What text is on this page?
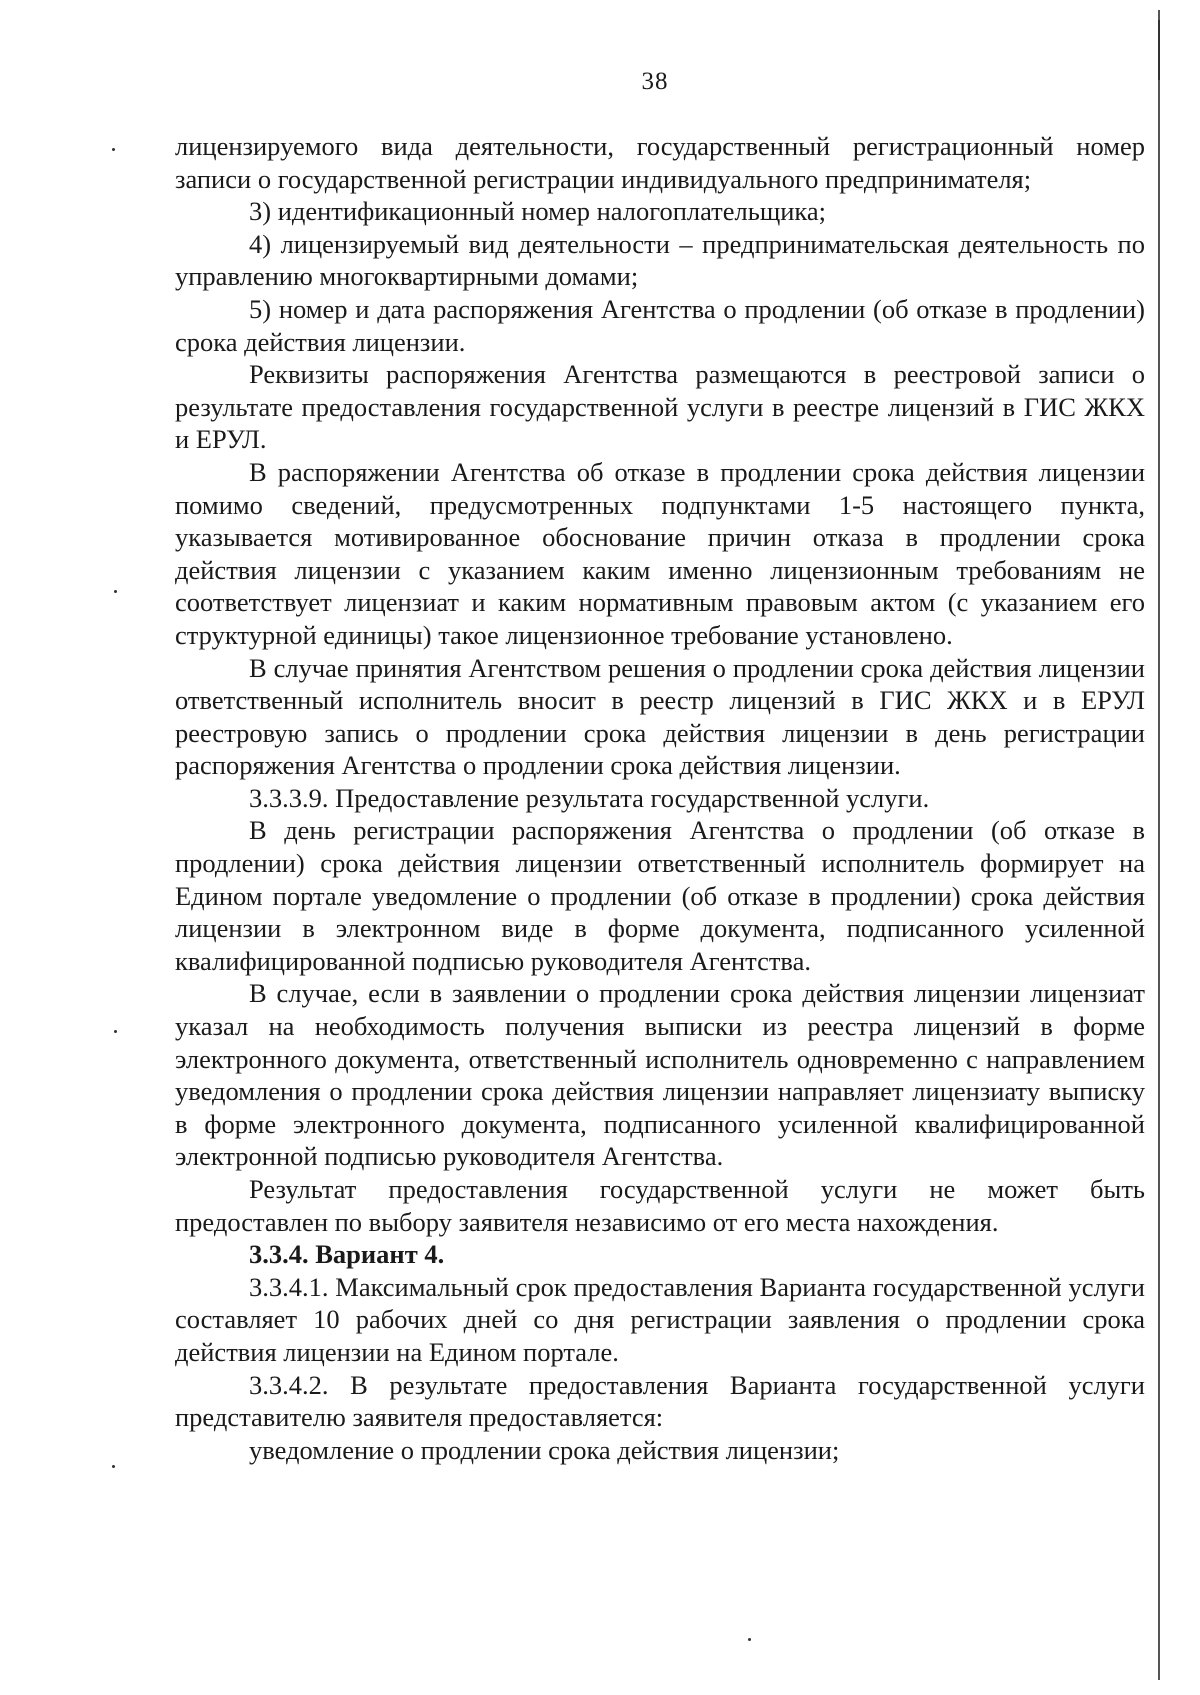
38

лицензируемого вида деятельности, государственный регистрационный номер записи о государственной регистрации индивидуального предпринимателя;

3) идентификационный номер налогоплательщика;

4) лицензируемый вид деятельности – предпринимательская деятельность по управлению многоквартирными домами;

5) номер и дата распоряжения Агентства о продлении (об отказе в продлении) срока действия лицензии.

Реквизиты распоряжения Агентства размещаются в реестровой записи о результате предоставления государственной услуги в реестре лицензий в ГИС ЖКХ и ЕРУЛ.

В распоряжении Агентства об отказе в продлении срока действия лицензии помимо сведений, предусмотренных подпунктами 1-5 настоящего пункта, указывается мотивированное обоснование причин отказа в продлении срока действия лицензии с указанием каким именно лицензионным требованиям не соответствует лицензиат и каким нормативным правовым актом (с указанием его структурной единицы) такое лицензионное требование установлено.

В случае принятия Агентством решения о продлении срока действия лицензии ответственный исполнитель вносит в реестр лицензий в ГИС ЖКХ и в ЕРУЛ реестровую запись о продлении срока действия лицензии в день регистрации распоряжения Агентства о продлении срока действия лицензии.

3.3.3.9. Предоставление результата государственной услуги.

В день регистрации распоряжения Агентства о продлении (об отказе в продлении) срока действия лицензии ответственный исполнитель формирует на Едином портале уведомление о продлении (об отказе в продлении) срока действия лицензии в электронном виде в форме документа, подписанного усиленной квалифицированной подписью руководителя Агентства.

В случае, если в заявлении о продлении срока действия лицензии лицензиат указал на необходимость получения выписки из реестра лицензий в форме электронного документа, ответственный исполнитель одновременно с направлением уведомления о продлении срока действия лицензии направляет лицензиату выписку в форме электронного документа, подписанного усиленной квалифицированной электронной подписью руководителя Агентства.

Результат предоставления государственной услуги не может быть предоставлен по выбору заявителя независимо от его места нахождения.

3.3.4. Вариант 4.

3.3.4.1. Максимальный срок предоставления Варианта государственной услуги составляет 10 рабочих дней со дня регистрации заявления о продлении срока действия лицензии на Едином портале.

3.3.4.2. В результате предоставления Варианта государственной услуги представителю заявителя предоставляется:

уведомление о продлении срока действия лицензии;
